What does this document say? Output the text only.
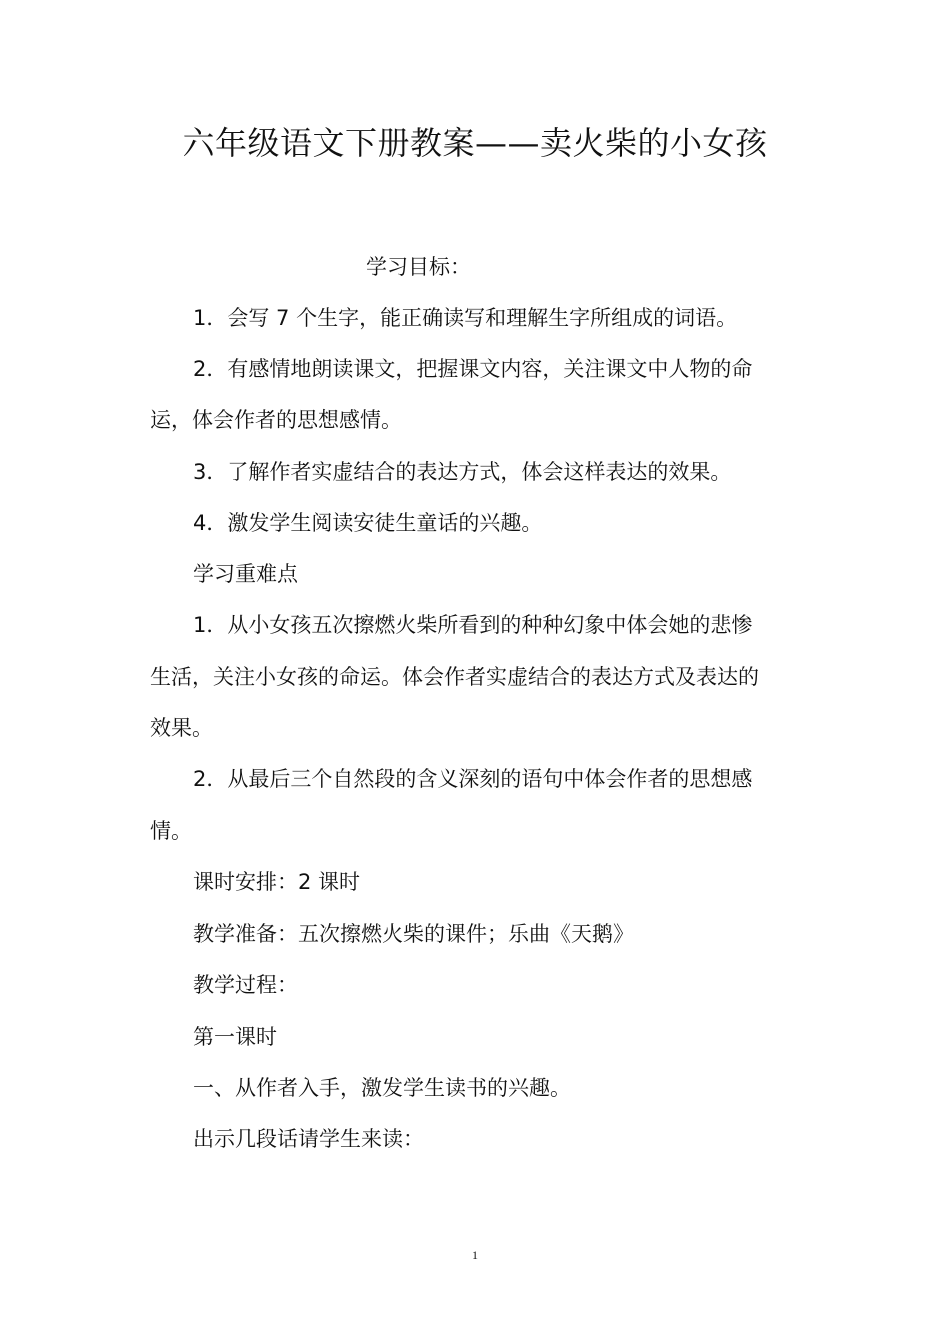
六年级语文下册教案——卖火柴的小女孩
学习目标：
1．会写 7 个生字，能正确读写和理解生字所组成的词语。
2．有感情地朗读课文，把握课文内容，关注课文中人物的命
运，体会作者的思想感情。
3．了解作者实虚结合的表达方式，体会这样表达的效果。
4．激发学生阅读安徒生童话的兴趣。
学习重难点
1．从小女孩五次擦燃火柴所看到的种种幻象中体会她的悲惨
生活，关注小女孩的命运。体会作者实虚结合的表达方式及表达的
效果。
2．从最后三个自然段的含义深刻的语句中体会作者的思想感
情。
课时安排：2 课时
教学准备：五次擦燃火柴的课件；乐曲《天鹅》
教学过程：
第一课时
一、从作者入手，激发学生读书的兴趣。
出示几段话请学生来读：
1
